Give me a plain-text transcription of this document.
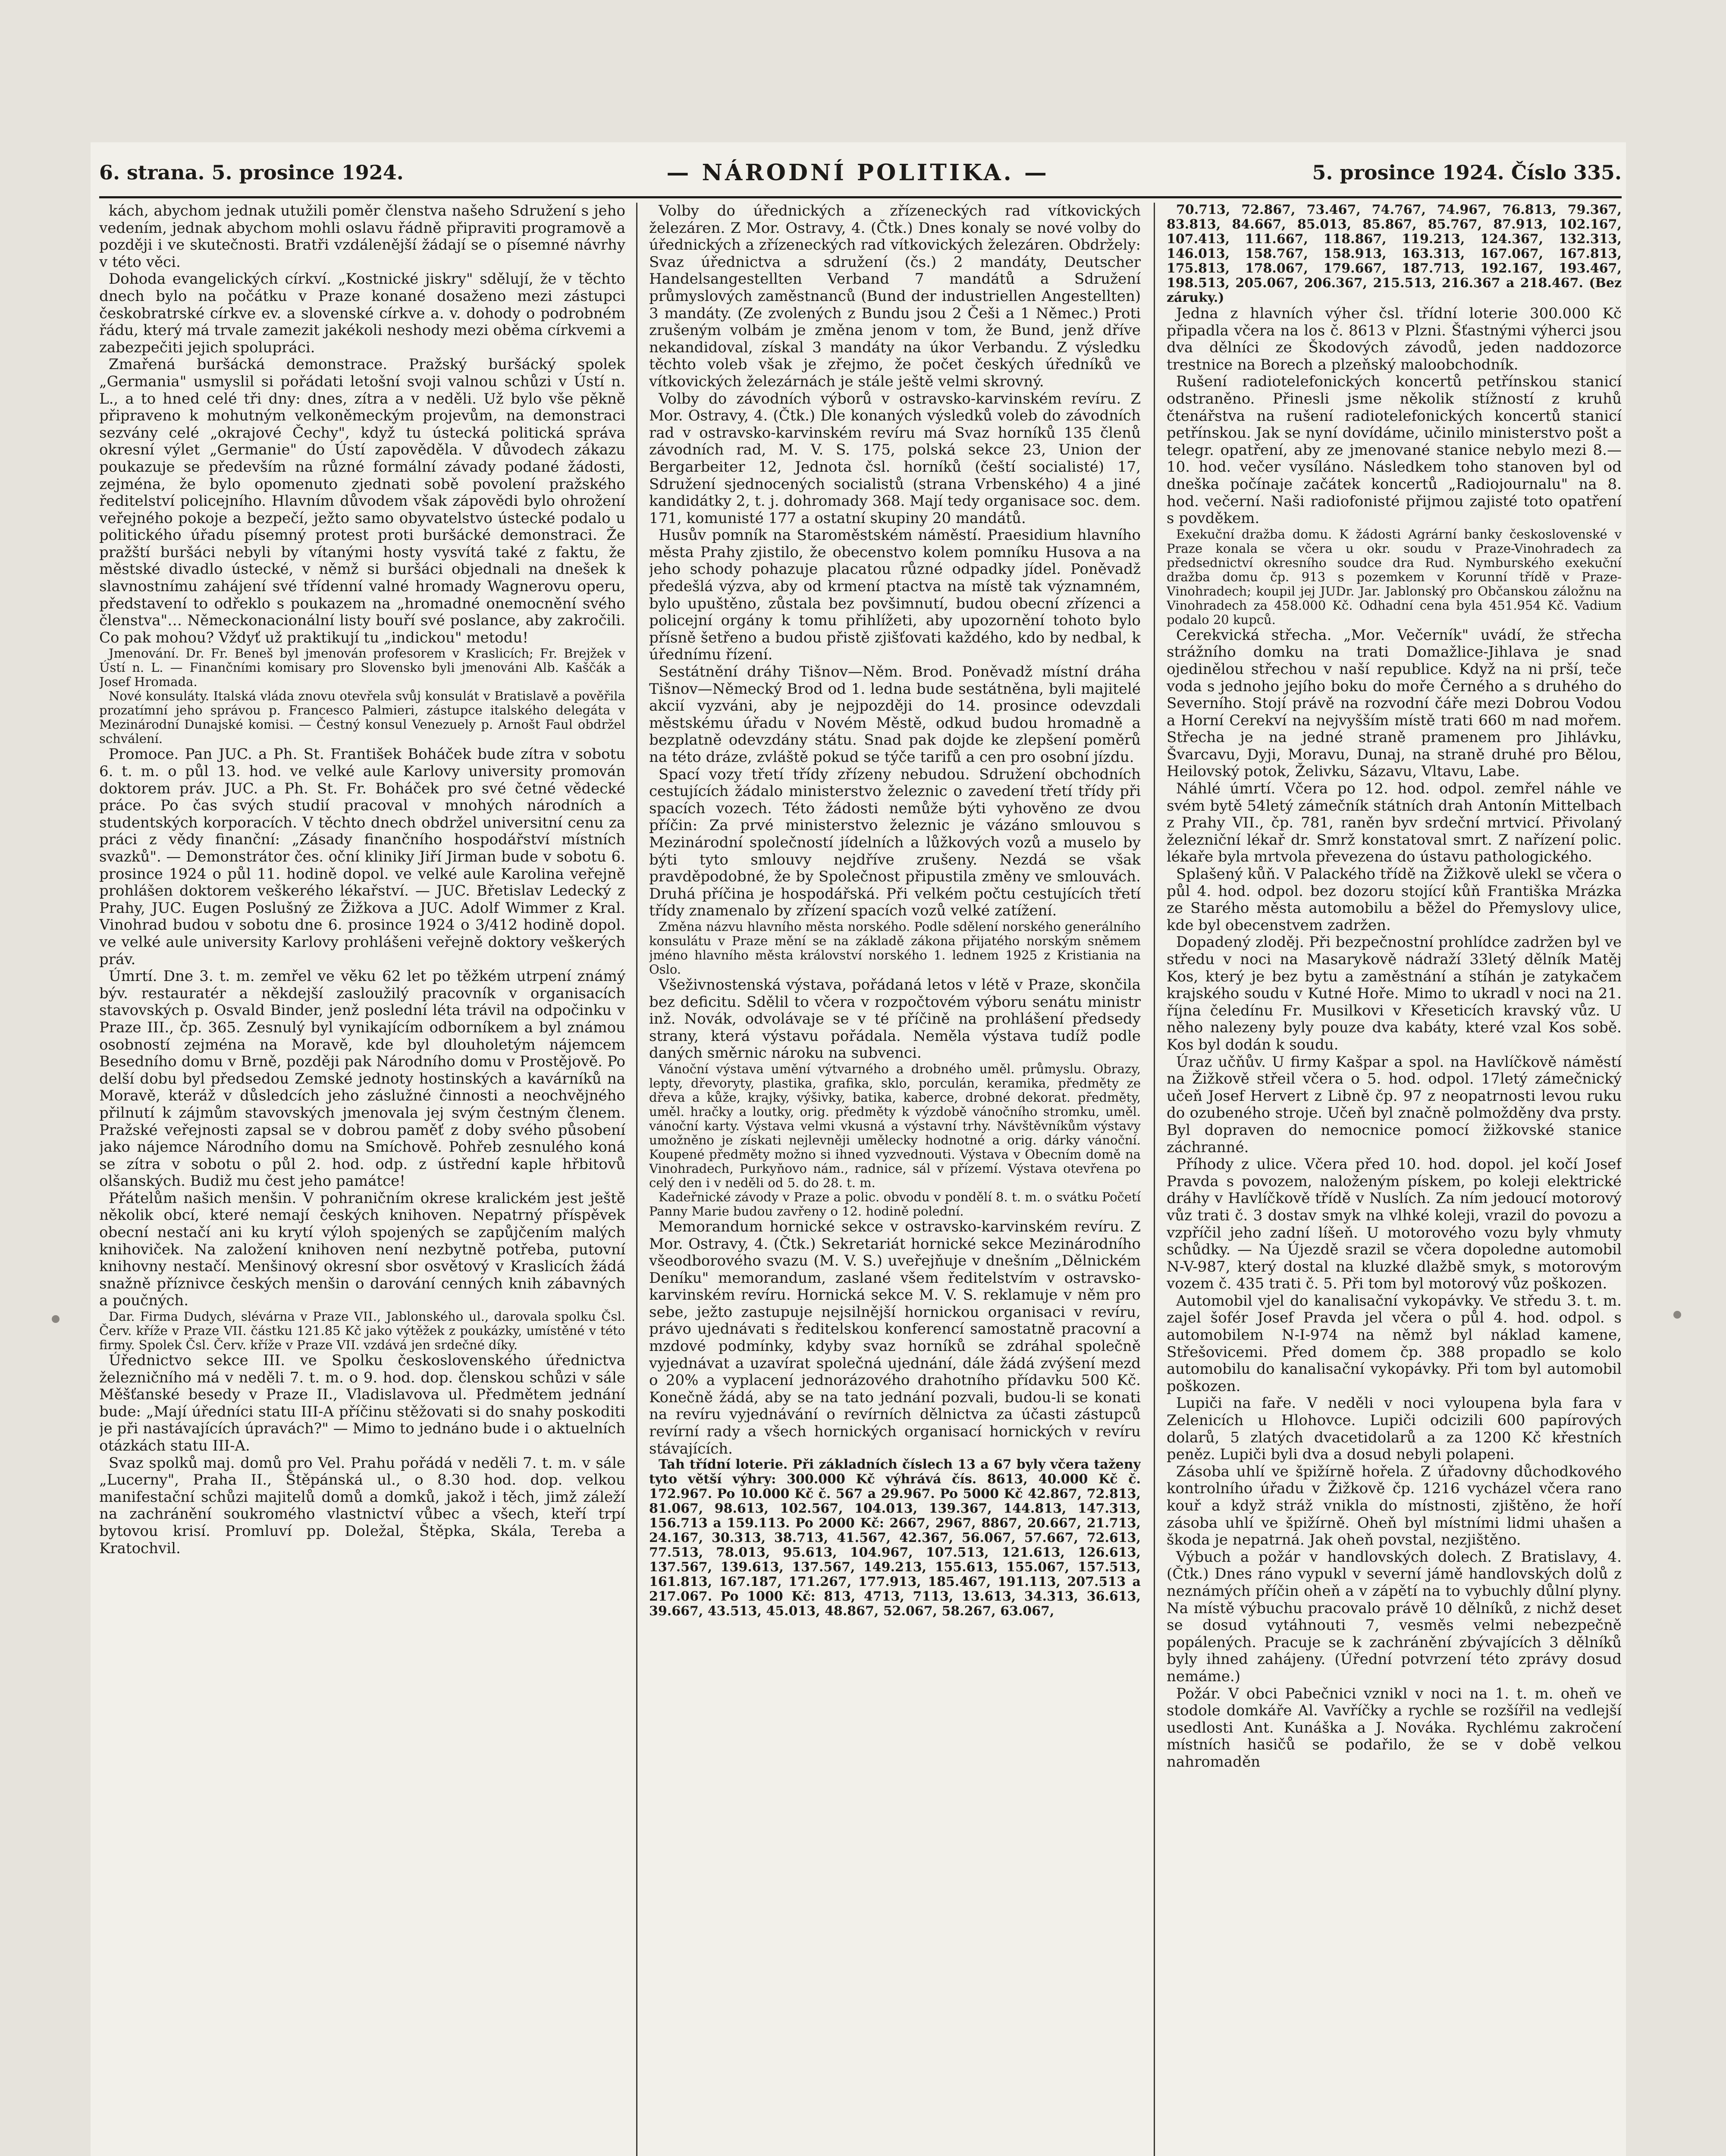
6. strana. 5. prosince 1924.	— NÁRODNÍ POLITIKA. —	5. prosince 1924. Číslo 335.

kách, abychom jednak utužili poměr členstva našeho Sdružení s jeho vedením, jednak abychom mohli oslavu řádně připraviti programově a později i ve skutečnosti. Bratři vzdálenější žádají se o písemné návrhy v této věci.

Dohoda evangelických církví. „Kostnické jiskry" sdělují, že v těchto dnech bylo na počátku v Praze konané dosaženo mezi zástupci českobratrské církve ev. a slovenské církve a. v. dohody o podrobném řádu, který má trvale zamezit jakékoli neshody mezi oběma církvemi a zabezpečiti jejich spolupráci.

Zmařená buršácká demonstrace. Pražský buršácký spolek „Germania" usmyslil si pořádati letošní svoji valnou schůzi v Ústí n. L., a to hned celé tři dny: dnes, zítra a v neděli. Už bylo vše pěkně připraveno k mohutným velkoněmeckým projevům, na demonstraci sezvány celé „okrajové Čechy", když tu ústecká politická správa okresní výlet „Germanie" do Ústí zapověděla. V důvodech zákazu poukazuje se především na různé formální závady podané žádosti, zejména, že bylo opomenuto zjednati sobě povolení pražského ředitelství policejního. Hlavním důvodem však zápovědi bylo ohrožení veřejného pokoje a bezpečí, ježto samo obyvatelstvo ústecké podalo u politického úřadu písemný protest proti buršácké demonstraci. Že pražští buršáci nebyli by vítanými hosty vysvítá také z faktu, že městské divadlo ústecké, v němž si buršáci objednali na dnešek k slavnostnímu zahájení své třídenní valné hromady Wagnerovu operu, představení to odřeklo s poukazem na „hromadné onemocnění svého členstva"… Německonacionální listy bouří své poslance, aby zakročili. Co pak mohou? Vždyť už praktikují tu „indickou" metodu!

Jmenování. Dr. Fr. Beneš byl jmenován profesorem v Kraslicích; Fr. Brejžek v Ústí n. L. — Finančními komisary pro Slovensko byli jmenováni Alb. Kaščák a Josef Hromada.

Nové konsuláty. Italská vláda znovu otevřela svůj konsulát v Bratislavě a pověřila prozatímní jeho správou p. Francesco Palmieri, zástupce italského delegáta v Mezinárodní Dunajské komisi. — Čestný konsul Venezuely p. Arnošt Faul obdržel schválení.

Promoce. Pan JUC. a Ph. St. František Boháček bude zítra v sobotu 6. t. m. o půl 13. hod. ve velké aule Karlovy university promován doktorem práv. JUC. a Ph. St. Fr. Boháček pro své četné vědecké práce. Po čas svých studií pracoval v mnohých národních a studentských korporacích. V těchto dnech obdržel universitní cenu za práci z vědy finanční: „Zásady finančního hospodářství místních svazků". — Demonstrátor čes. oční kliniky Jiří Jirman bude v sobotu 6. prosince 1924 o půl 11. hodině dopol. ve velké aule Karolina veřejně prohlášen doktorem veškerého lékařství. — JUC. Břetislav Ledecký z Prahy, JUC. Eugen Poslušný ze Žižkova a JUC. Adolf Wimmer z Kral. Vinohrad budou v sobotu dne 6. prosince 1924 o 3/412 hodině dopol. ve velké aule university Karlovy prohlášeni veřejně doktory veškerých práv.

Úmrtí. Dne 3. t. m. zemřel ve věku 62 let po těžkém utrpení známý býv. restauratér a někdejší zasloužilý pracovník v organisacích stavovských p. Osvald Binder, jenž poslední léta trávil na odpočinku v Praze III., čp. 365. Zesnulý byl vynikajícím odborníkem a byl známou osobností zejména na Moravě, kde byl dlouholetým nájemcem Besedního domu v Brně, později pak Národního domu v Prostějově. Po delší dobu byl předsedou Zemské jednoty hostinských a kavárníků na Moravě, kteráž v důsledcích jeho záslužné činnosti a neochvějného přilnutí k zájmům stavovských jmenovala jej svým čestným členem. Pražské veřejnosti zapsal se v dobrou paměť z doby svého působení jako nájemce Národního domu na Smíchově. Pohřeb zesnulého koná se zítra v sobotu o půl 2. hod. odp. z ústřední kaple hřbitovů olšanských. Budiž mu čest jeho památce!

Přátelům našich menšin. V pohraničním okrese kralickém jest ještě několik obcí, které nemají českých knihoven. Nepatrný příspěvek obecní nestačí ani ku krytí výloh spojených se zapůjčením malých knihoviček. Na založení knihoven není nezbytně potřeba, putovní knihovny nestačí. Menšinový okresní sbor osvětový v Kraslicích žádá snažně příznivce českých menšin o darování cenných knih zábavných a poučných.

Dar. Firma Dudych, slévárna v Praze VII., Jablonského ul., darovala spolku Čsl. Červ. kříže v Praze VII. částku 121.85 Kč jako výtěžek z poukázky, umístěné v této firmy. Spolek Čsl. Červ. kříže v Praze VII. vzdává jen srdečné díky.

Úřednictvo sekce III. ve Spolku československého úřednictva železničního má v neděli 7. t. m. o 9. hod. dop. členskou schůzi v sále Měšťanské besedy v Praze II., Vladislavova ul. Předmětem jednání bude: „Mají úředníci statu III-A příčinu stěžovati si do snahy poskoditi je při nastávajících úpravách?" — Mimo to jednáno bude i o aktuelních otázkách statu III-A.

Svaz spolků maj. domů pro Vel. Prahu pořádá v neděli 7. t. m. v sále „Lucerny", Praha II., Štěpánská ul., o 8.30 hod. dop. velkou manifestační schůzi majitelů domů a domků, jakož i těch, jimž záleží na zachránění soukromého vlastnictví vůbec a všech, kteří trpí bytovou krisí. Promluví pp. Doležal, Štěpka, Skála, Tereba a Kratochvil.

Volby do úřednických a zřízeneckých rad vítkovických železáren. Z Mor. Ostravy, 4. (Čtk.) Dnes konaly se nové volby do úřednických a zřízeneckých rad vítkovických železáren. Obdržely: Svaz úřednictva a sdružení (čs.) 2 mandáty, Deutscher Handelsangestellten Verband 7 mandátů a Sdružení průmyslových zaměstnanců (Bund der industriellen Angestellten) 3 mandáty. (Ze zvolených z Bundu jsou 2 Češi a 1 Němec.) Proti zrušeným volbám je změna jenom v tom, že Bund, jenž dříve nekandidoval, získal 3 mandáty na úkor Verbandu. Z výsledku těchto voleb však je zřejmo, že počet českých úředníků ve vítkovických železárnách je stále ještě velmi skrovný.

Volby do závodních výborů v ostravsko-karvinském revíru. Z Mor. Ostravy, 4. (Čtk.) Dle konaných výsledků voleb do závodních rad v ostravsko-karvinském revíru má Svaz horníků 135 členů závodních rad, M. V. S. 175, polská sekce 23, Union der Bergarbeiter 12, Jednota čsl. horníků (čeští socialisté) 17, Sdružení sjednocených socialistů (strana Vrbenského) 4 a jiné kandidátky 2, t. j. dohromady 368. Mají tedy organisace soc. dem. 171, komunisté 177 a ostatní skupiny 20 mandátů.

Husův pomník na Staroměstském náměstí. Praesidium hlavního města Prahy zjistilo, že obecenstvo kolem pomníku Husova a na jeho schody pohazuje placatou různé odpadky jídel. Poněvadž předešlá výzva, aby od krmení ptactva na místě tak významném, bylo upuštěno, zůstala bez povšimnutí, budou obecní zřízenci a policejní orgány k tomu přihlížeti, aby upozornění tohoto bylo přísně šetřeno a budou přistě zjišťovati každého, kdo by nedbal, k úřednímu řízení.

Sestátnění dráhy Tišnov—Něm. Brod. Poněvadž místní dráha Tišnov—Německý Brod od 1. ledna bude sestátněna, byli majitelé akcií vyzváni, aby je nejpozději do 14. prosince odevzdali městskému úřadu v Novém Městě, odkud budou hromadně a bezplatně odevzdány státu. Snad pak dojde ke zlepšení poměrů na této dráze, zvláště pokud se týče tarifů a cen pro osobní jízdu.

Spací vozy třetí třídy zřízeny nebudou. Sdružení obchodních cestujících žádalo ministerstvo železnic o zavedení třetí třídy při spacích vozech. Této žádosti nemůže býti vyhověno ze dvou příčin: Za prvé ministerstvo železnic je vázáno smlouvou s Mezinárodní společností jídelních a lůžkových vozů a muselo by býti tyto smlouvy nejdříve zrušeny. Nezdá se však pravděpodobné, že by Společnost připustila změny ve smlouvách. Druhá příčina je hospodářská. Při velkém počtu cestujících třetí třídy znamenalo by zřízení spacích vozů velké zatížení.

Změna názvu hlavního města norského. Podle sdělení norského generálního konsulátu v Praze mění se na základě zákona přijatého norským sněmem jméno hlavního města království norského 1. lednem 1925 z Kristiania na Oslo.

Všeživnostenská výstava, pořádaná letos v létě v Praze, skončila bez deficitu. Sdělil to včera v rozpočtovém výboru senátu ministr inž. Novák, odvolávaje se v té příčině na prohlášení předsedy strany, která výstavu pořádala. Neměla výstava tudíž podle daných směrnic nároku na subvenci.

Vánoční výstava umění výtvarného a drobného uměl. průmyslu. Obrazy, lepty, dřevoryty, plastika, grafika, sklo, porculán, keramika, předměty ze dřeva a kůže, krajky, výšivky, batika, kaberce, drobné dekorat. předměty, uměl. hračky a loutky, orig. předměty k výzdobě vánočního stromku, uměl. vánoční karty. Výstava velmi vkusná a výstavní trhy. Návštěvníkům výstavy umožněno je získati nejlevněji umělecky hodnotné a orig. dárky vánoční. Koupené předměty možno si ihned vyzvednouti. Výstava v Obecním domě na Vinohradech, Purkyňovo nám., radnice, sál v přízemí. Výstava otevřena po celý den i v neděli od 5. do 28. t. m.

Kadeřnické závody v Praze a polic. obvodu v pondělí 8. t. m. o svátku Početí Panny Marie budou zavřeny o 12. hodině polední.

Memorandum hornické sekce v ostravsko-karvinském revíru. Z Mor. Ostravy, 4. (Čtk.) Sekretariát hornické sekce Mezinárodního všeodborového svazu (M. V. S.) uveřejňuje v dnešním „Dělnickém Deníku" memorandum, zaslané všem ředitelstvím v ostravsko-karvinském revíru. Hornická sekce M. V. S. reklamuje v něm pro sebe, ježto zastupuje nejsilnější hornickou organisaci v revíru, právo ujednávati s ředitelskou konferencí samostatně pracovní a mzdové podmínky, kdyby svaz horníků se zdráhal společně vyjednávat a uzavírat společná ujednání, dále žádá zvýšení mezd o 20% a vyplacení jednorázového drahotního přídavku 500 Kč. Konečně žádá, aby se na tato jednání pozvali, budou-li se konati na revíru vyjednávání o revírních dělnictva za účasti zástupců revírní rady a všech hornických organisací hornických v revíru stávajících.

Tah třídní loterie. Při základních číslech 13 a 67 byly včera taženy tyto větší výhry: 300.000 Kč výhrává čís. 8613, 40.000 Kč č. 172.967. Po 10.000 Kč č. 567 a 29.967. Po 5000 Kč 42.867, 72.813, 81.067, 98.613, 102.567, 104.013, 139.367, 144.813, 147.313, 156.713 a 159.113. Po 2000 Kč: 2667, 2967, 8867, 20.667, 21.713, 24.167, 30.313, 38.713, 41.567, 42.367, 56.067, 57.667, 72.613, 77.513, 78.013, 95.613, 104.967, 107.513, 121.613, 126.613, 137.567, 139.613, 137.567, 149.213, 155.613, 155.067, 157.513, 161.813, 167.187, 171.267, 177.913, 185.467, 191.113, 207.513 a 217.067. Po 1000 Kč: 813, 4713, 7113, 13.613, 34.313, 36.613, 39.667, 43.513, 45.013, 48.867, 52.067, 58.267, 63.067,

70.713, 72.867, 73.467, 74.767, 74.967, 76.813, 79.367, 83.813, 84.667, 85.013, 85.867, 85.767, 87.913, 102.167, 107.413, 111.667, 118.867, 119.213, 124.367, 132.313, 146.013, 158.767, 158.913, 163.313, 167.067, 167.813, 175.813, 178.067, 179.667, 187.713, 192.167, 193.467, 198.513, 205.067, 206.367, 215.513, 216.367 a 218.467. (Bez záruky.)

Jedna z hlavních výher čsl. třídní loterie 300.000 Kč připadla včera na los č. 8613 v Plzni. Šťastnými výherci jsou dva dělníci ze Škodových závodů, jeden naddozorce trestnice na Borech a plzeňský maloobchodník.

Rušení radiotelefonických koncertů petřínskou stanicí odstraněno. Přinesli jsme několik stížností z kruhů čtenářstva na rušení radiotelefonických koncertů stanicí petřínskou. Jak se nyní dovídáme, učinilo ministerstvo pošt a telegr. opatření, aby ze jmenované stanice nebylo mezi 8.—10. hod. večer vysíláno. Následkem toho stanoven byl od dneška počínaje začátek koncertů „Radiojournalu" na 8. hod. večerní. Naši radiofonisté přijmou zajisté toto opatření s povděkem.

Exekuční dražba domu. K žádosti Agrární banky československé v Praze konala se včera u okr. soudu v Praze-Vinohradech za předsednictví okresního soudce dra Rud. Nymburského exekuční dražba domu čp. 913 s pozemkem v Korunní třídě v Praze-Vinohradech; koupil jej JUDr. Jar. Jablonský pro Občanskou záložnu na Vinohradech za 458.000 Kč. Odhadní cena byla 451.954 Kč. Vadium podalo 20 kupců.

Cerekvická střecha. „Mor. Večerník" uvádí, že střecha strážního domku na trati Domažlice-Jihlava je snad ojedinělou střechou v naší republice. Když na ni prší, teče voda s jednoho jejího boku do moře Černého a s druhého do Severního. Stojí právě na rozvodní čáře mezi Dobrou Vodou a Horní Cerekví na nejvyšším místě trati 660 m nad mořem. Střecha je na jedné straně pramenem pro Jihlávku, Švarcavu, Dyji, Moravu, Dunaj, na straně druhé pro Bělou, Heilovský potok, Želivku, Sázavu, Vltavu, Labe.

Náhlé úmrtí. Včera po 12. hod. odpol. zemřel náhle ve svém bytě 54letý zámečník státních drah Antonín Mittelbach z Prahy VII., čp. 781, raněn byv srdeční mrtvicí. Přivolaný železniční lékař dr. Smrž konstatoval smrt. Z nařízení polic. lékaře byla mrtvola převezena do ústavu pathologického.

Splašený kůň. V Palackého třídě na Žižkově ulekl se včera o půl 4. hod. odpol. bez dozoru stojící kůň Františka Mrázka ze Starého města automobilu a běžel do Přemyslovy ulice, kde byl obecenstvem zadržen.

Dopadený zloděj. Při bezpečnostní prohlídce zadržen byl ve středu v noci na Masarykově nádraží 33letý dělník Matěj Kos, který je bez bytu a zaměstnání a stíhán je zatykačem krajského soudu v Kutné Hoře. Mimo to ukradl v noci na 21. října čeledínu Fr. Musilkovi v Křeseticích kravský vůz. U něho nalezeny byly pouze dva kabáty, které vzal Kos sobě. Kos byl dodán k soudu.

Úraz učňův. U firmy Kašpar a spol. na Havlíčkově náměstí na Žižkově střeil včera o 5. hod. odpol. 17letý zámečnický učeň Josef Hervert z Libně čp. 97 z neopatrnosti levou ruku do ozubeného stroje. Učeň byl značně polmožděny dva prsty. Byl dopraven do nemocnice pomocí žižkovské stanice záchranné.

Příhody z ulice. Včera před 10. hod. dopol. jel kočí Josef Pravda s povozem, naloženým pískem, po koleji elektrické dráhy v Havlíčkově třídě v Nuslích. Za ním jedoucí motorový vůz trati č. 3 dostav smyk na vlhké koleji, vrazil do povozu a vzpříčil jeho zadní líšeň. U motorového vozu byly vhmuty schůdky. — Na Újezdě srazil se včera dopoledne automobil N-V-987, který dostal na kluzké dlažbě smyk, s motorovým vozem č. 435 trati č. 5. Při tom byl motorový vůz poškozen.

Automobil vjel do kanalisační vykopávky. Ve středu 3. t. m. zajel šofér Josef Pravda jel včera o půl 4. hod. odpol. s automobilem N-I-974 na němž byl náklad kamene, Střešovicemi. Před domem čp. 388 propadlo se kolo automobilu do kanalisační vykopávky. Při tom byl automobil poškozen.

Lupiči na faře. V neděli v noci vyloupena byla fara v Zelenicích u Hlohovce. Lupiči odcizili 600 papírových dolarů, 5 zlatých dvacetidolarů a za 1200 Kč křestních peněz. Lupiči byli dva a dosud nebyli polapeni.

Zásoba uhlí ve špižírně hořela. Z úřadovny důchodkového kontrolního úřadu v Žižkově čp. 1216 vycházel včera rano kouř a když stráž vnikla do místnosti, zjištěno, že hoří zásoba uhlí ve špižírně. Oheň byl místními lidmi uhašen a škoda je nepatrná. Jak oheň povstal, nezjištěno.

Výbuch a požár v handlovských dolech. Z Bratislavy, 4. (Čtk.) Dnes ráno vypukl v severní jámě handlovských dolů z neznámých příčin oheň a v zápětí na to vybuchly důlní plyny. Na místě výbuchu pracovalo právě 10 dělníků, z nichž deset se dosud vytáhnouti 7, vesměs velmi nebezpečně popálených. Pracuje se k zachránění zbývajících 3 dělníků byly ihned zahájeny. (Úřední potvrzení této zprávy dosud nemáme.)

Požár. V obci Pabečnici vznikl v noci na 1. t. m. oheň ve stodole domkáře Al. Vavříčky a rychle se rozšířil na vedlejší usedlosti Ant. Kunáška a J. Nováka. Rychlému zakročení místních hasičů se podařilo, že se v době velkou nahromaděn
